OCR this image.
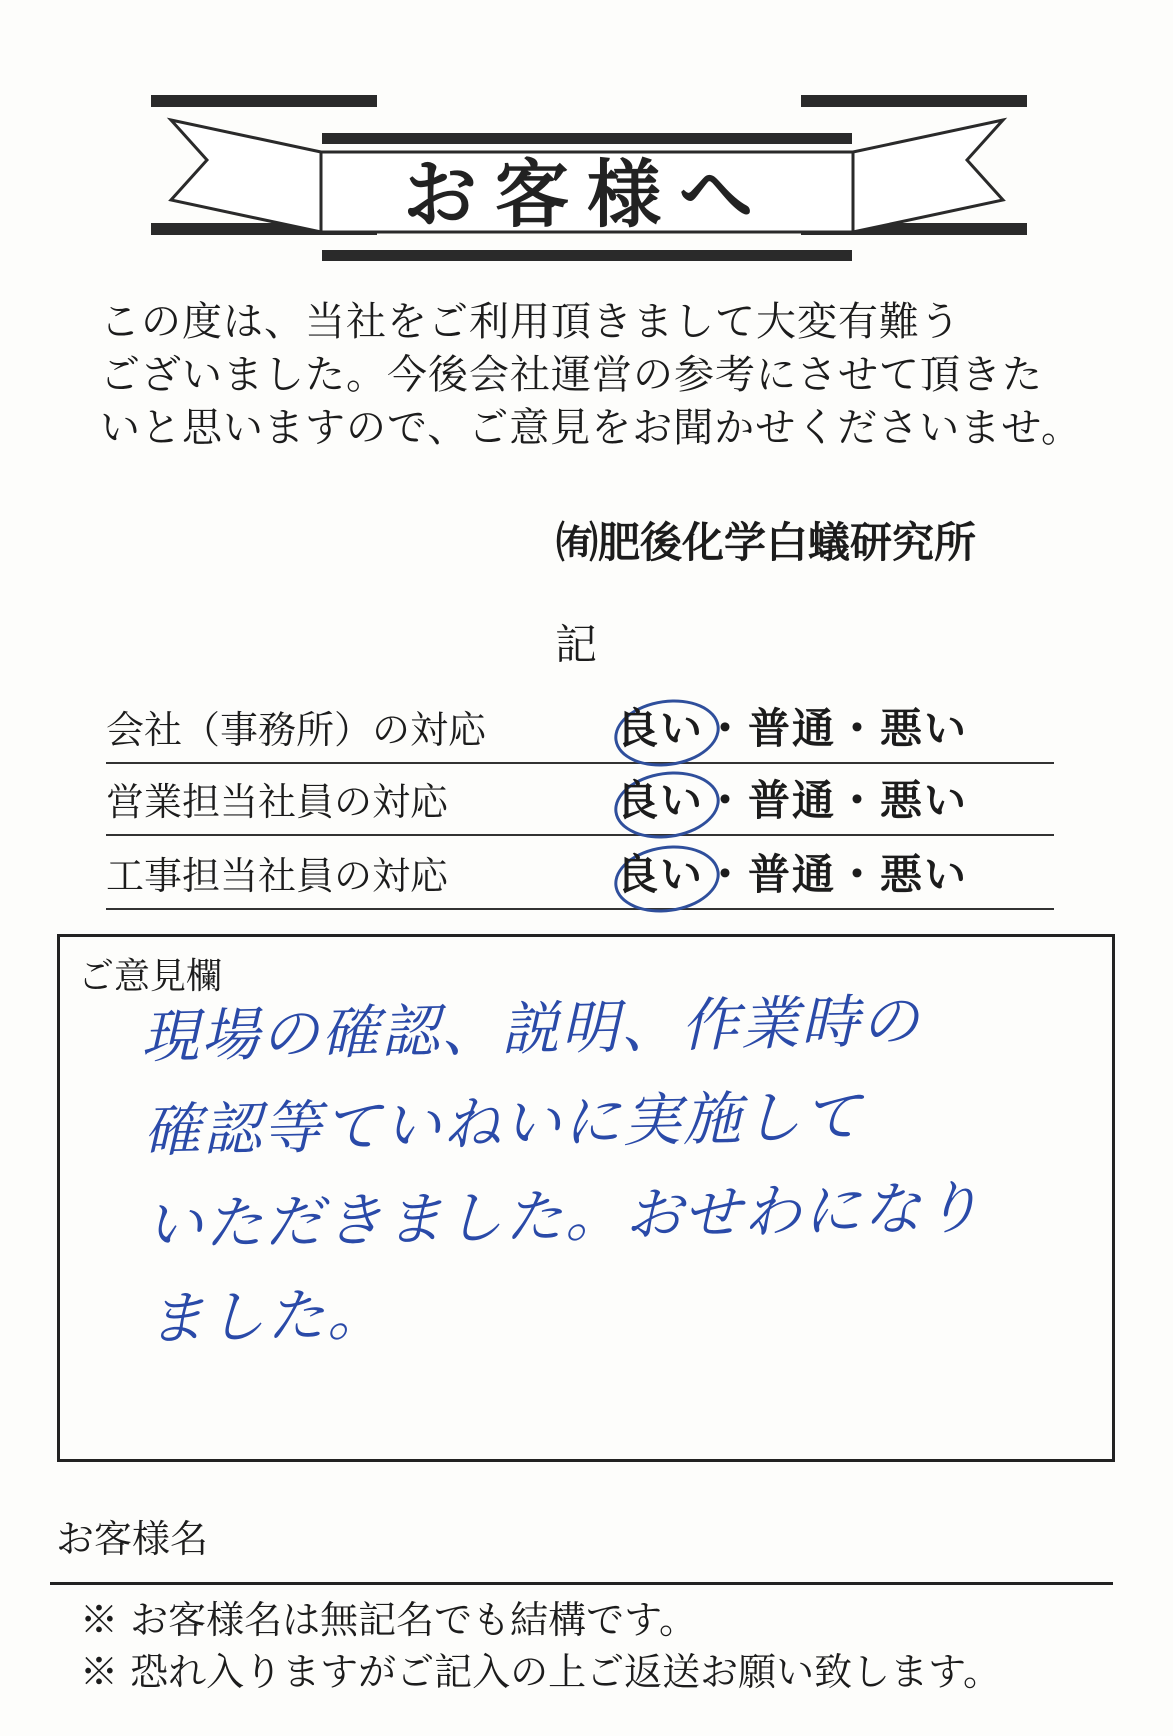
お客様へ
この度は、当社をご利用頂きまして大変有難う
ございました。今後会社運営の参考にさせて頂きた
いと思いますので、ご意見をお聞かせくださいませ。
㈲肥後化学白蟻研究所
記
会社（事務所）の対応	良い・普通・悪い
営業担当社員の対応	良い・普通・悪い
工事担当社員の対応	良い・普通・悪い
ご意見欄
現場の確認、説明、作業時の
確認等ていねいに実施して
いただきました。おせわになり
ました。
お客様名
※ お客様名は無記名でも結構です。
※ 恐れ入りますがご記入の上ご返送お願い致します。
